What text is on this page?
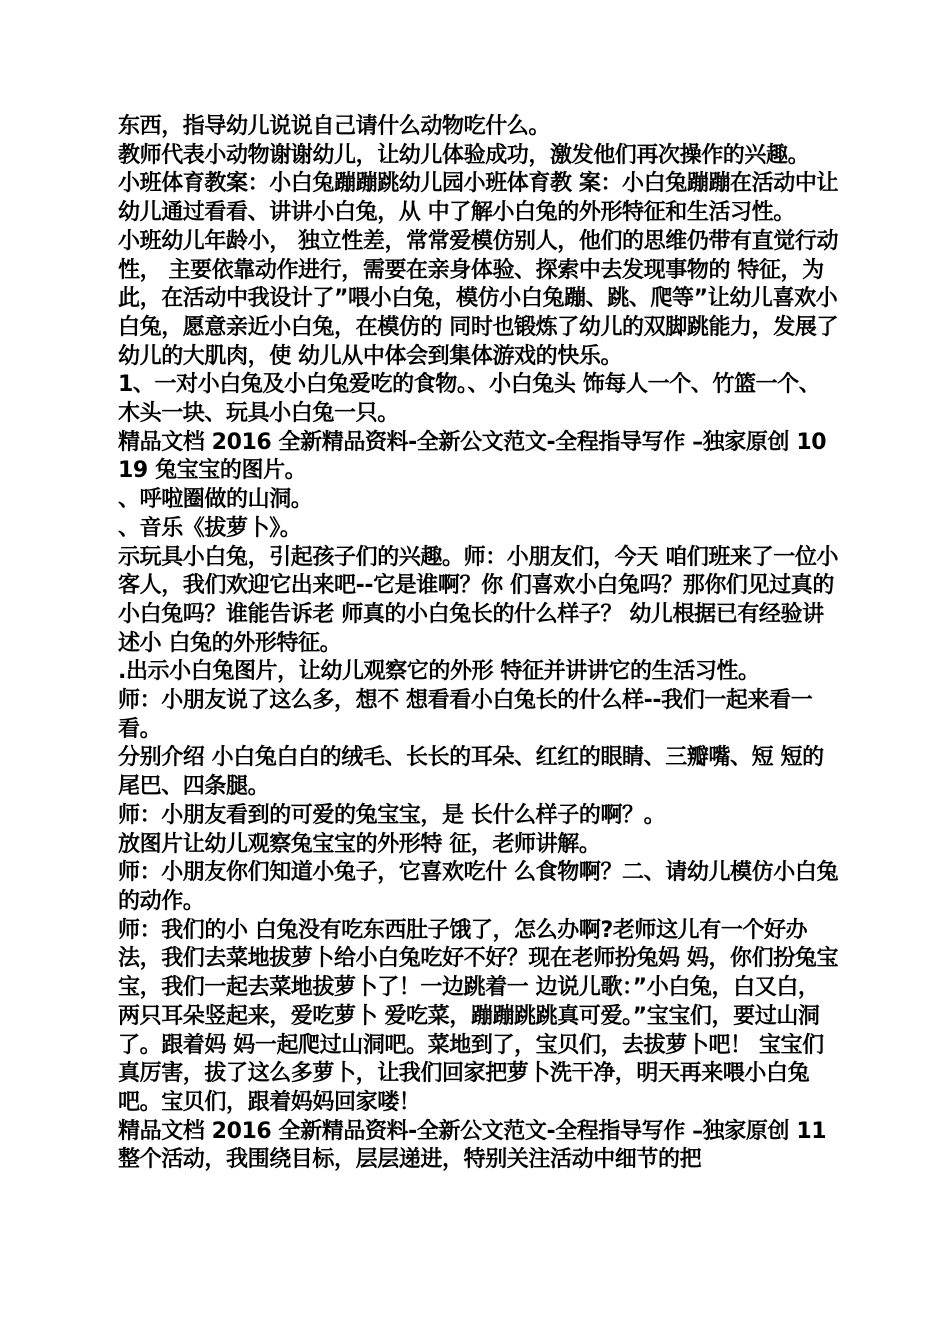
东西，指导幼儿说说自己请什么动物吃什么。

教师代表小动物谢谢幼儿，让幼儿体验成功，激发他们再次操作的兴趣。

小班体育教案：小白兔蹦蹦跳幼儿园小班体育教 案：小白兔蹦蹦在活动中让幼儿通过看看、讲讲小白兔，从 中了解小白兔的外形特征和生活习性。

小班幼儿年龄小， 独立性差，常常爱模仿别人，他们的思维仍带有直觉行动性， 主要依靠动作进行，需要在亲身体验、探索中去发现事物的 特征，为此，在活动中我设计了”喂小白兔，模仿小白兔蹦、跳、爬等”让幼儿喜欢小白兔，愿意亲近小白兔，在模仿的 同时也锻炼了幼儿的双脚跳能力，发展了幼儿的大肌肉，使 幼儿从中体会到集体游戏的快乐。

1、一对小白兔及小白兔爱吃的食物。、小白兔头 饰每人一个、竹篮一个、木头一块、玩具小白兔一只。

精品文档 2016 全新精品资料-全新公文范文-全程指导写作 –独家原创 10 19 兔宝宝的图片。

、呼啦圈做的山洞。

、音乐《拔萝卜》。

示玩具小白兔，引起孩子们的兴趣。师：小朋友们，今天 咱们班来了一位小客人，我们欢迎它出来吧--它是谁啊？你 们喜欢小白兔吗？那你们见过真的小白兔吗？谁能告诉老 师真的小白兔长的什么样子？ 幼儿根据已有经验讲述小 白兔的外形特征。

.出示小白兔图片，让幼儿观察它的外形 特征并讲讲它的生活习性。

师：小朋友说了这么多，想不 想看看小白兔长的什么样--我们一起来看一看。

分别介绍 小白兔白白的绒毛、长长的耳朵、红红的眼睛、三瓣嘴、短 短的尾巴、四条腿。

师：小朋友看到的可爱的兔宝宝，是 长什么样子的啊？。

放图片让幼儿观察兔宝宝的外形特 征，老师讲解。

师：小朋友你们知道小兔子，它喜欢吃什 么食物啊？二、请幼儿模仿小白兔的动作。

师：我们的小 白兔没有吃东西肚子饿了，怎么办啊?老师这儿有一个好办 法，我们去菜地拔萝卜给小白兔吃好不好？现在老师扮兔妈 妈，你们扮兔宝宝，我们一起去菜地拔萝卜了！一边跳着一 边说儿歌：”小白兔，白又白，两只耳朵竖起来，爱吃萝卜 爱吃菜，蹦蹦跳跳真可爱。”宝宝们，要过山洞了。跟着妈 妈一起爬过山洞吧。菜地到了，宝贝们，去拔萝卜吧！ 宝宝们真厉害，拔了这么多萝卜，让我们回家把萝卜洗干净，明天再来喂小白兔吧。宝贝们，跟着妈妈回家喽！

精品文档 2016 全新精品资料-全新公文范文-全程指导写作 –独家原创 11 整个活动，我围绕目标，层层递进，特别关注活动中细节的把
